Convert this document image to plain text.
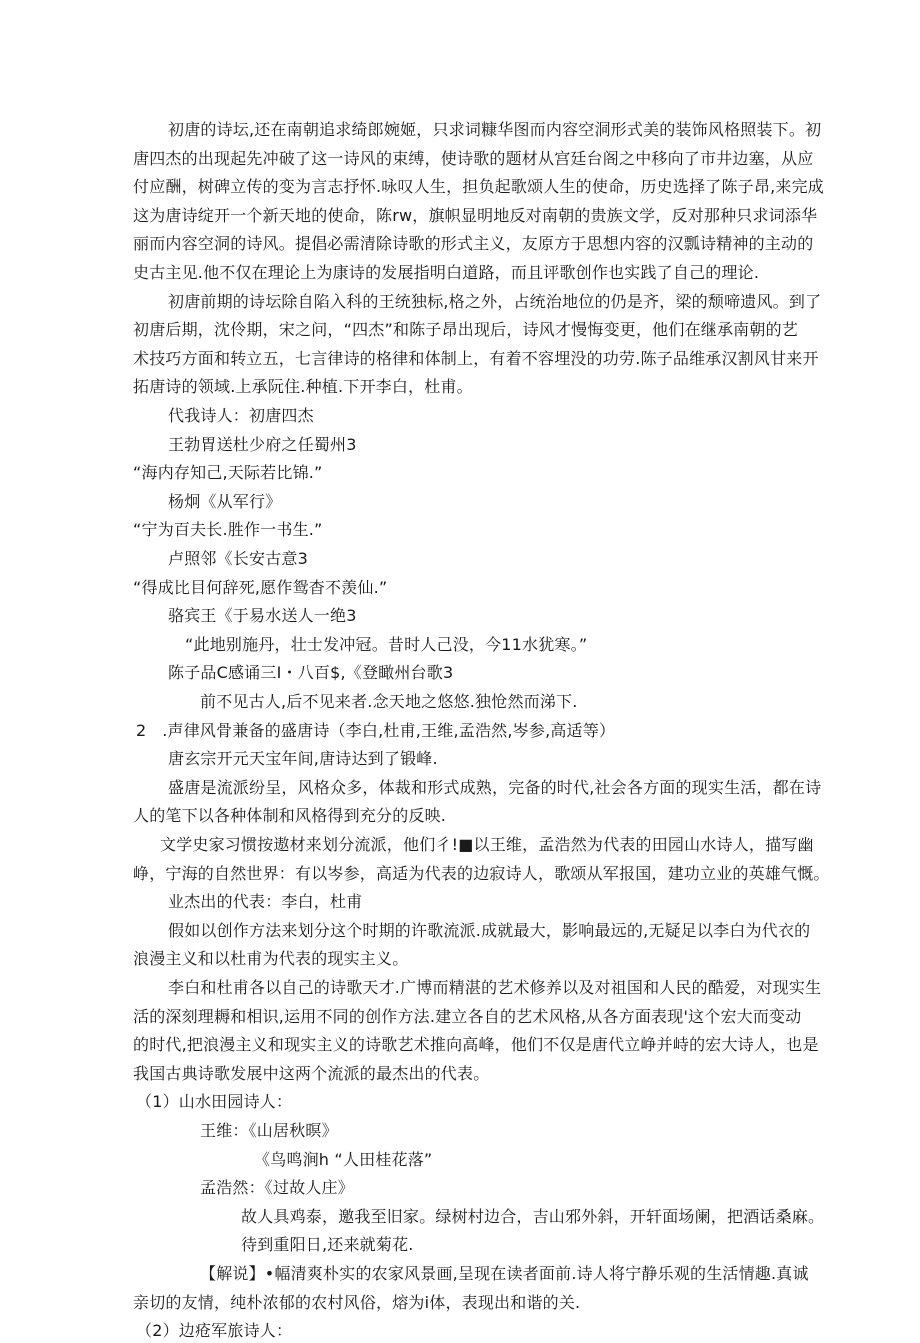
初唐的诗坛,还在南朝追求绮郎婉姬，只求词糠华图而内容空洞形式美的装饰风格照装下。初
唐四杰的出现起先冲破了这一诗风的束缚，使诗歌的题材从宫廷台阁之中移向了市井边塞，从应
付应酬，树碑立传的变为言志抒怀.咏叹人生，担负起歌颂人生的使命，历史选择了陈子昂,来完成
这为唐诗绽开一个新天地的使命，陈rw，旗帜显明地反对南朝的贵族文学，反对那种只求词添华
丽而内容空洞的诗风。提倡必需清除诗歌的形式主义，友原方于思想内容的汉瓢诗精神的主动的
史古主见.他不仅在理论上为康诗的发展指明白道路，而且评歌创作也实践了自己的理论.
初唐前期的诗坛除自陷入科的王统独标,格之外，占统治地位的仍是齐，梁的颓啼遗风。到了
初唐后期，沈伶期，宋之问，“四杰”和陈子昂出现后，诗风才慢悔变更，他们在继承南朝的艺
术技巧方面和转立五，七言律诗的格律和体制上，有着不容埋没的功劳.陈子品维承汉割风甘来开
拓唐诗的领域.上承阮住.种植.下开李白，杜甫。
代我诗人：初唐四杰
王勃胃送杜少府之任蜀州3
“海内存知己,天际若比锦.”
杨炯《从军行》
“宁为百夫长.胜作一书生.”
卢照邻《长安古意3
“得成比目何辞死,愿作鸳杳不羡仙.”
骆宾王《于易水送人一绝3
“此地别施丹，壮士发冲冠。昔时人己没，今11水犹寒。”
陈子品C感诵三I・八百$,《登瞰州台歌3
前不见古人,后不见来者.念天地之悠悠.独怆然而涕下.
2   .声律风骨兼备的盛唐诗（李白,杜甫,王维,孟浩然,岑参,高适等）
唐玄宗开元天宝年间,唐诗达到了锻峰.
盛唐是流派纷呈，风格众多，体裁和形式成熟，完备的时代,社会各方面的现实生活，都在诗
人的笔下以各种体制和风格得到充分的反映.
文学史家习惯按遨材来划分流派，他们彳!■以王维，孟浩然为代表的田园山水诗人，描写幽
峥，宁海的自然世界：有以岑参，高适为代表的边寂诗人，歌颂从军报国，建功立业的英雄气慨。
业杰出的代表：李白，杜甫
假如以创作方法来划分这个时期的许歌流派.成就最大，影响最远的,无疑足以李白为代衣的
浪漫主义和以杜甫为代表的现实主义。
李白和杜甫各以自己的诗歌天才.广博而精湛的艺术修养以及对祖国和人民的酷爱，对现实生
活的深刻理耨和相识,运用不同的创作方法.建立各自的艺术风格,从各方面表现'这个宏大而变动
的时代,把浪漫主义和现实主义的诗歌艺术推向高峰，他们不仅是唐代立峥并峙的宏大诗人，也是
我国古典诗歌发展中这两个流派的最杰出的代表。
（1）山水田园诗人：
王维：《山居秋暝》
《鸟鸣涧h “人田桂花落”
孟浩然：《过故人庄》
故人具鸡泰，邀我至旧家。绿树村边合，吉山邪外斜，开轩面场阑，把酒话桑麻。
待到重阳日,还来就菊花.
【解说】•幅清爽朴实的农家风景画,呈现在读者面前.诗人将宁静乐观的生活情趣.真诚
亲切的友情，纯朴浓郁的农村风俗，熔为i体，表现出和谐的关.
（2）边疮军旅诗人：
